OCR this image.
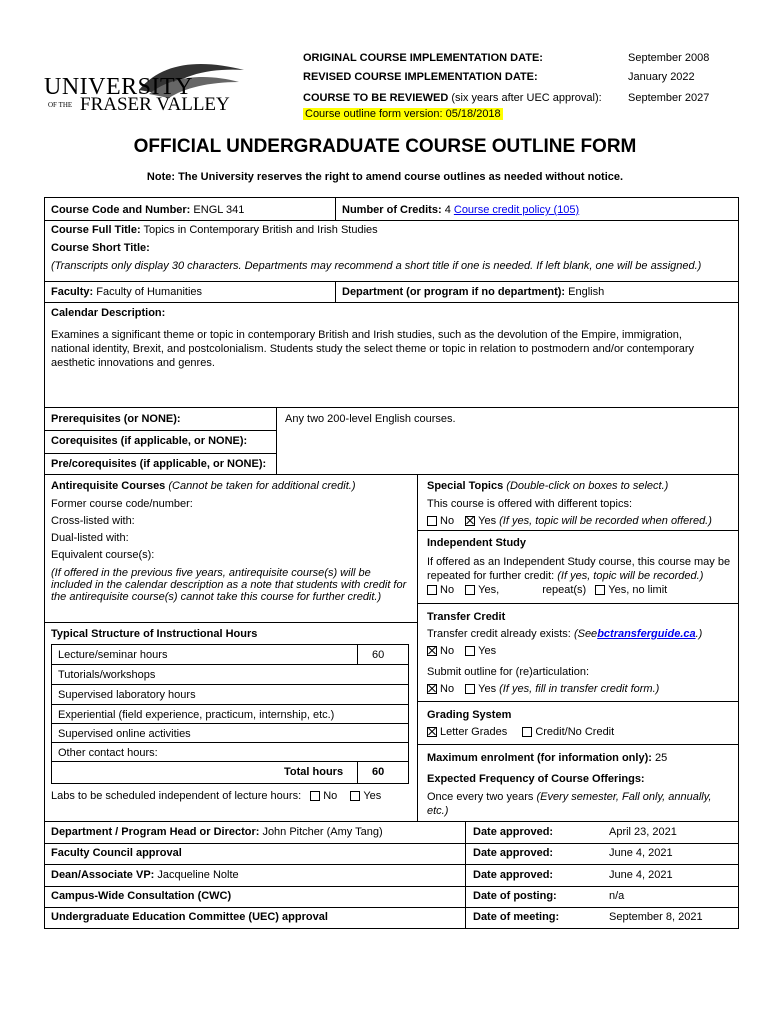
UNIVERSITY
OF THE FRASER VALLEY
ORIGINAL COURSE IMPLEMENTATION DATE:	September 2008
REVISED COURSE IMPLEMENTATION DATE:	January 2022
COURSE TO BE REVIEWED (six years after UEC approval): September 2027
Course outline form version: 05/18/2018
OFFICIAL UNDERGRADUATE COURSE OUTLINE FORM
Note: The University reserves the right to amend course outlines as needed without notice.
Course Code and Number: ENGL 341	Number of Credits: 4 Course credit policy (105)
Course Full Title: Topics in Contemporary British and Irish Studies
Course Short Title:
(Transcripts only display 30 characters. Departments may recommend a short title if one is needed. If left blank, one will be assigned.)
Faculty: Faculty of Humanities	Department (or program if no department): English
Calendar Description:
Examines a significant theme or topic in contemporary British and Irish studies, such as the devolution of the Empire, immigration, national identity, Brexit, and postcolonialism. Students study the select theme or topic in relation to postmodern and/or contemporary aesthetic innovations and genres.
Prerequisites (or NONE):	Any two 200-level English courses.
Corequisites (if applicable, or NONE):
Pre/corequisites (if applicable, or NONE):
Antirequisite Courses (Cannot be taken for additional credit.)
Former course code/number:
Cross-listed with:
Dual-listed with:
Equivalent course(s):
(If offered in the previous five years, antirequisite course(s) will be included in the calendar description as a note that students with credit for the antirequisite course(s) cannot take this course for further credit.)
Typical Structure of Instructional Hours
Lecture/seminar hours	60
Tutorials/workshops
Supervised laboratory hours
Experiential (field experience, practicum, internship, etc.)
Supervised online activities
Other contact hours:
Total hours	60
Labs to be scheduled independent of lecture hours: No Yes
Special Topics (Double-click on boxes to select.)
This course is offered with different topics:
No Yes (If yes, topic will be recorded when offered.)
Independent Study
If offered as an Independent Study course, this course may be repeated for further credit: (If yes, topic will be recorded.)
No Yes,	repeat(s) Yes, no limit
Transfer Credit
Transfer credit already exists: (Seebctransferguide.ca.)
No Yes
Submit outline for (re)articulation:
No Yes (If yes, fill in transfer credit form.)
Grading System
Letter Grades	Credit/No Credit
Maximum enrolment (for information only): 25
Expected Frequency of Course Offerings:
Once every two years (Every semester, Fall only, annually, etc.)
Department / Program Head or Director: John Pitcher (Amy Tang)	Date approved:	April 23, 2021
Faculty Council approval	Date approved:	June 4, 2021
Dean/Associate VP: Jacqueline Nolte	Date approved:	June 4, 2021
Campus-Wide Consultation (CWC)	Date of posting:	n/a
Undergraduate Education Committee (UEC) approval	Date of meeting:	September 8, 2021
